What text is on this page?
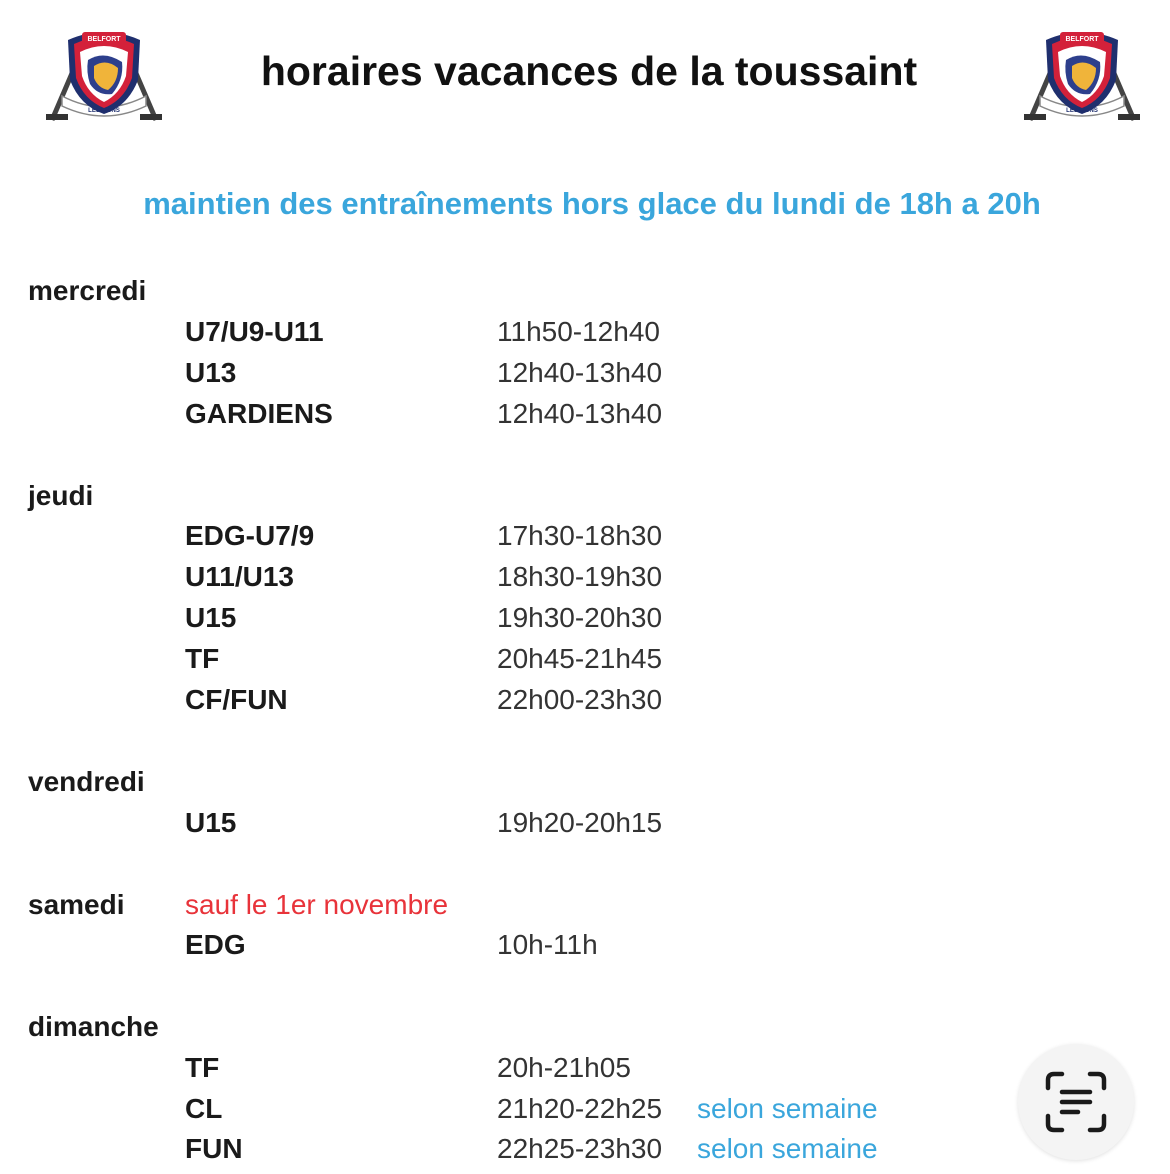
BELFORT
LES LIONS
BELFORT
LES LIONS
horaires vacances de la toussaint
maintien des entraînements hors glace du lundi de 18h a 20h
mercredi
U7/U9-U11	11h50-12h40
U13	12h40-13h40
GARDIENS	12h40-13h40
jeudi
EDG-U7/9	17h30-18h30
U11/U13	18h30-19h30
U15	19h30-20h30
TF	20h45-21h45
CF/FUN	22h00-23h30
vendredi
U15	19h20-20h15
samedi sauf le 1er novembre
EDG	10h-11h
dimanche
TF	20h-21h05
CL	21h20-22h25 selon semaine
FUN	22h25-23h30 selon semaine
